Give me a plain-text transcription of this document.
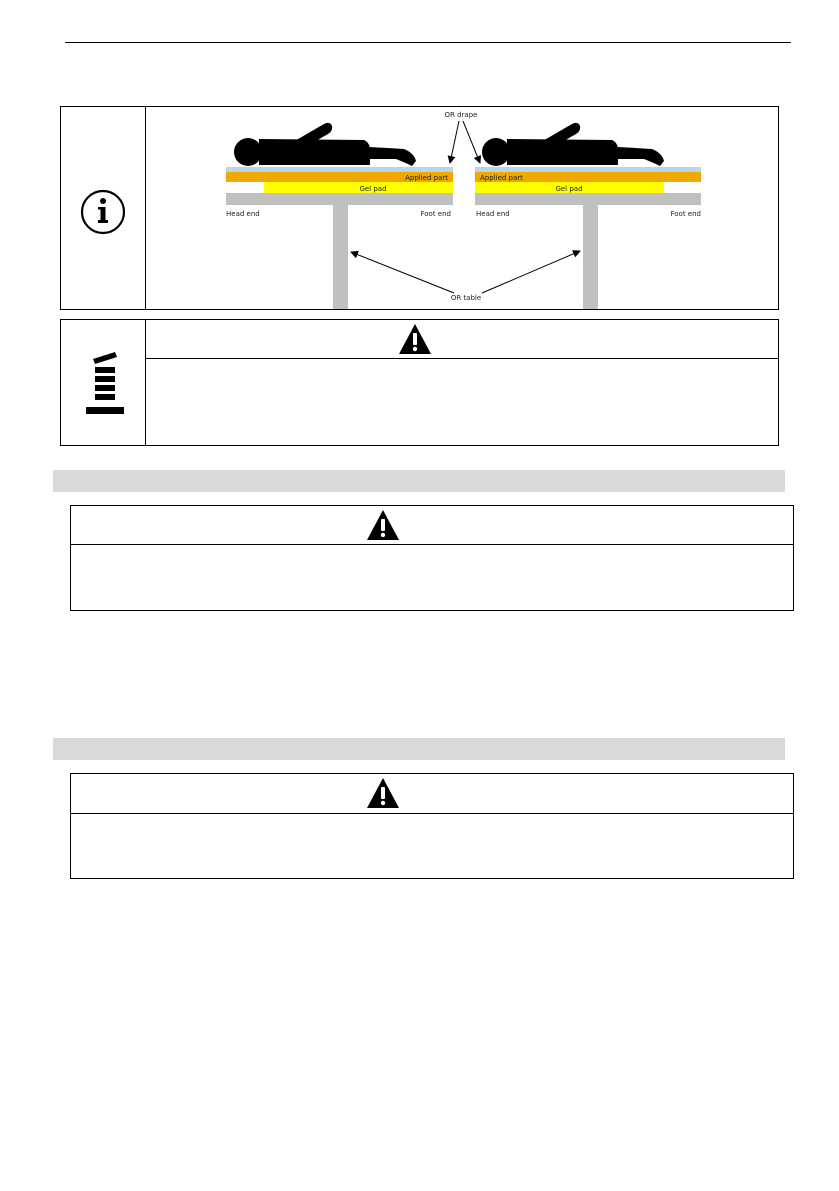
Applied part
Gel pad
Head end	Foot end
Applied part
Gel pad
Head end	Foot end
OR drape
OR table
